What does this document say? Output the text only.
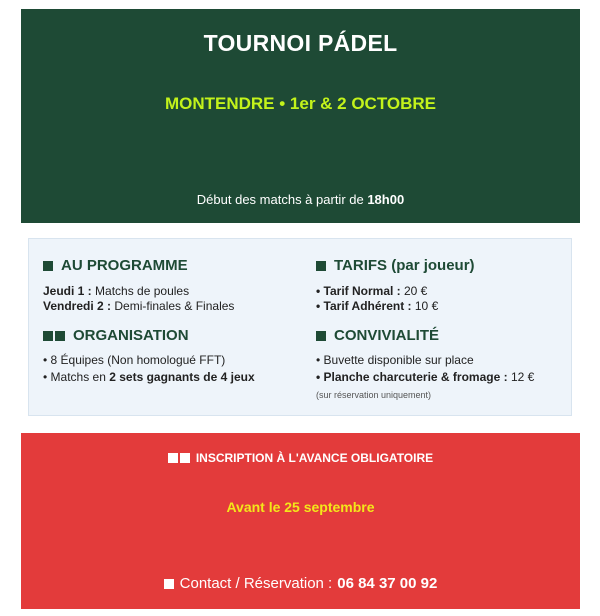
TOURNOI PÁDEL
MONTENDRE • 1er & 2 OCTOBRE
Début des matchs à partir de 18h00
AU PROGRAMME
Jeudi 1 : Matchs de poules
Vendredi 2 : Demi-finales & Finales
ORGANISATION
• 8 Équipes (Non homologué FFT)
• Matchs en 2 sets gagnants de 4 jeux
TARIFS (par joueur)
• Tarif Normal : 20 €
• Tarif Adhérent : 10 €
CONVIVIALITÉ
• Buvette disponible sur place
• Planche charcuterie & fromage : 12 €
(sur réservation uniquement)
INSCRIPTION À L'AVANCE OBLIGATOIRE
Avant le 25 septembre
Contact / Réservation : 06 84 37 00 92
